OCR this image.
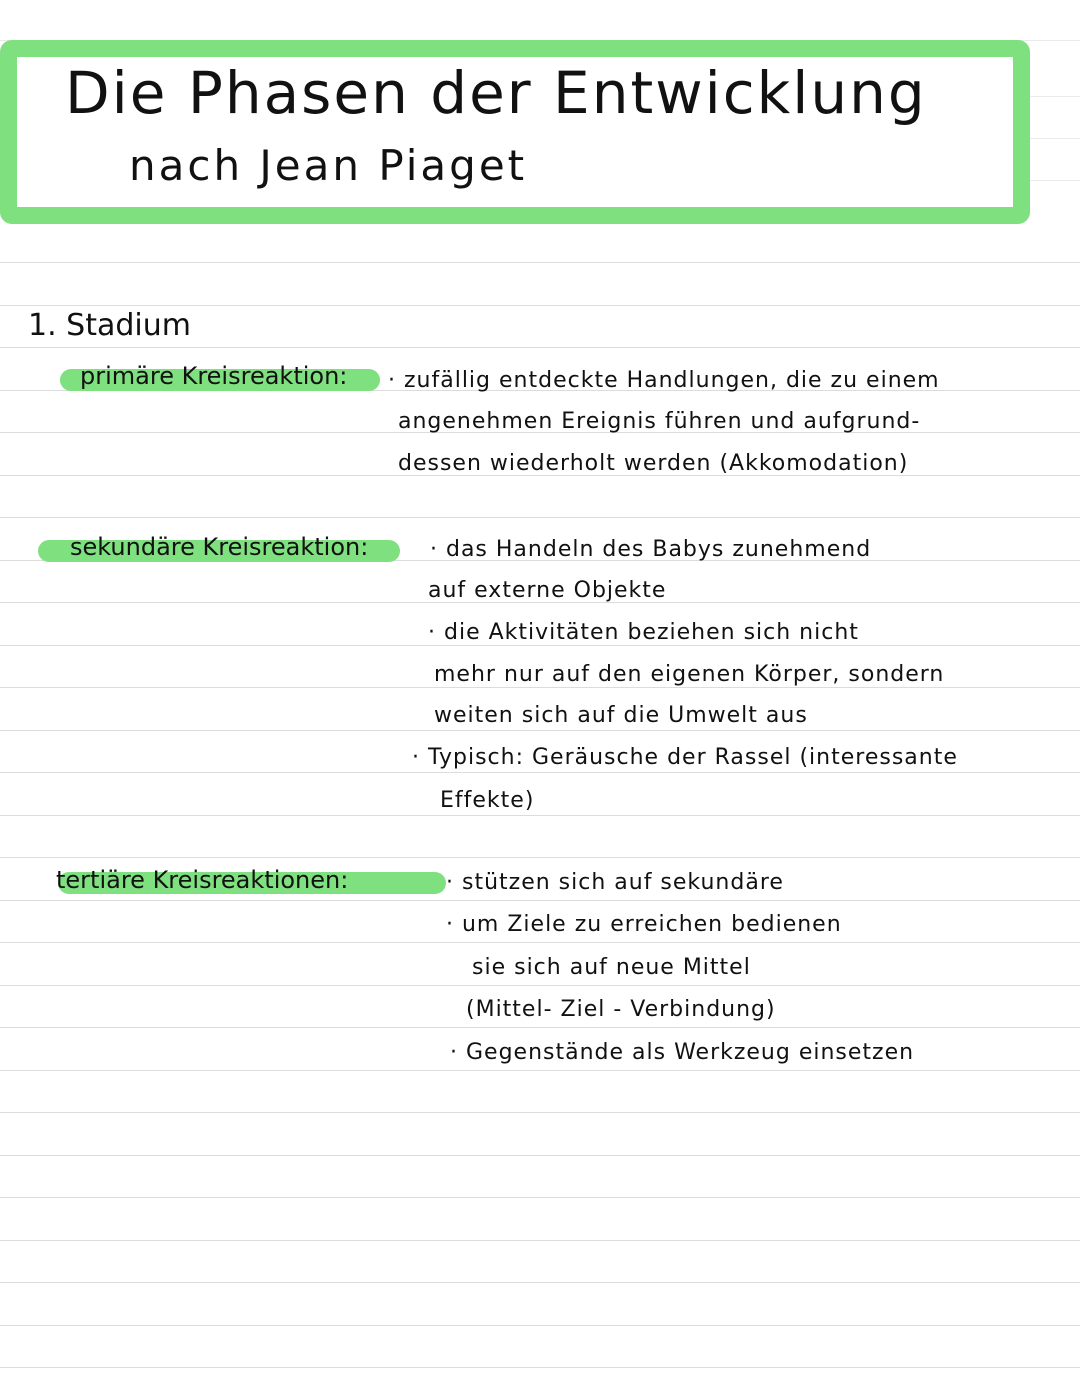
Die Phasen der Entwicklung
nach Jean Piaget
1. Stadium
primäre Kreisreaktion: · zufällig entdeckte Handlungen, die zu einem
angenehmen Ereignis führen und aufgrund-
dessen wiederholt werden (Akkomodation)
sekundäre Kreisreaktion:	· das Handeln des Babys zunehmend
auf externe Objekte
· die Aktivitäten beziehen sich nicht
mehr nur auf den eigenen Körper, sondern
weiten sich auf die Umwelt aus
· Typisch: Geräusche der Rassel (interessante
Effekte)
tertiäre Kreisreaktionen:	· stützen sich auf sekundäre
· um Ziele zu erreichen bedienen
sie sich auf neue Mittel
(Mittel- Ziel - Verbindung)
· Gegenstände als Werkzeug einsetzen
